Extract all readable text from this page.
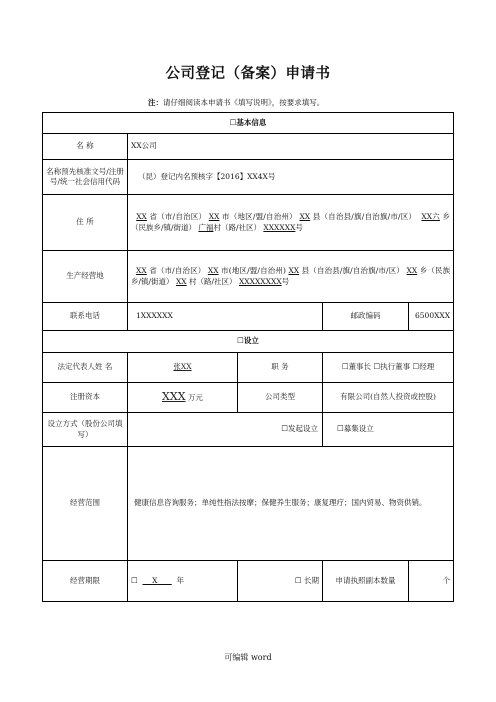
公司登记（备案）申请书
注：请仔细阅读本申请书《填写说明》，按要求填写。
☐基本信息				
名 称	XX公司			
名称预先核准文号/注册号/统一社会信用代码	（昆）登记内名预核字【2016】XX4X号			
住 所	XX 省（市/自治区） XX 市（地区/盟/自治州） XX 县（自治县/旗/自治旗/市/区） XX六 乡（民族乡/镇/街道） 广福村（路/社区） XXXXXX号			
生产经营地	XX 省（市/自治区） XX 市(地区/盟/自治州) XX 县（自治县/旗/自治旗/市/区） XX 乡（民族乡/镇/街道） XX 村（路/社区） XXXXXXXX号			
联系电话	1XXXXXX		邮政编码	6500XXX
☐设立				
法定代表人姓 名	张XX	职 务	☐董事长 ☐执行董事 ☐经理	
注册资本	XXX 万元	公司类型	有限公司(自然人投资或控股)	
设立方式（股份公司填写）	☐发起设立		☐募集设立	
经营范围	健康信息咨询服务；单纯性指法按摩；保健养生服务；康复理疗；国内贸易、物资供销。			
经营期限	☐ X 年	☐ 长期	申请执照副本数量	个
可编辑 word
